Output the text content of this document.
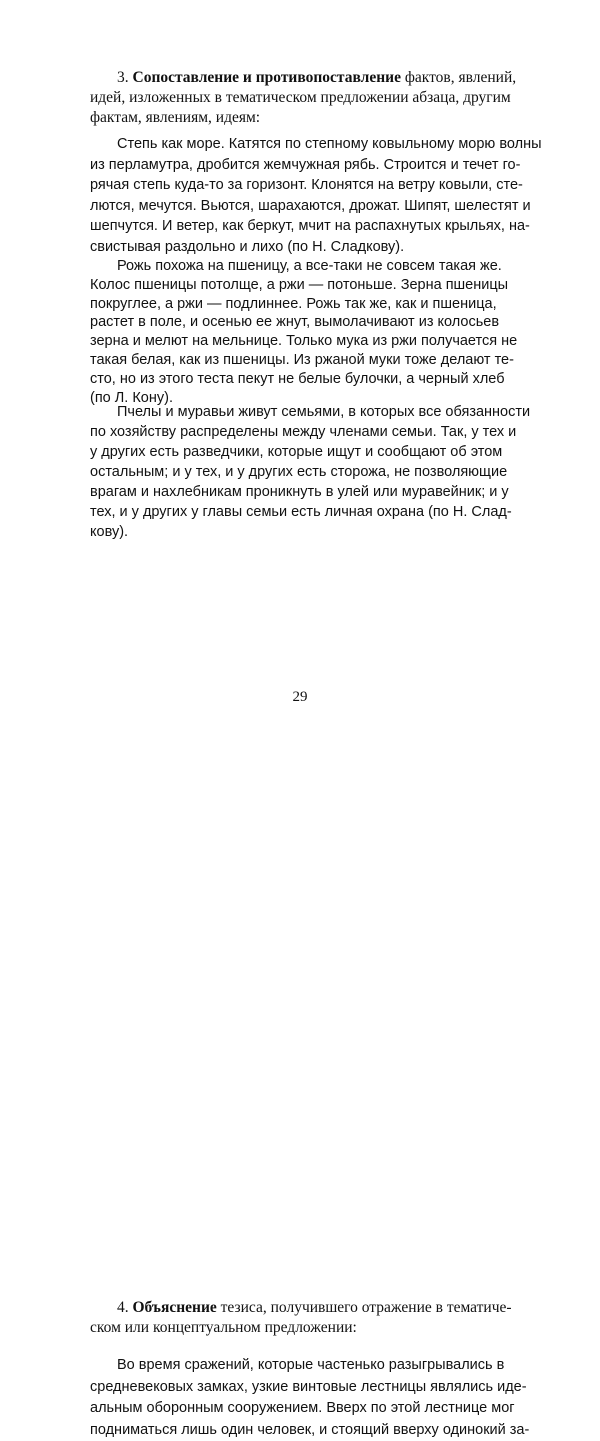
3. Сопоставление и противопоставление фактов, явлений,
идей, изложенных в тематическом предложении абзаца, другим
фактам, явлениям, идеям:
Степь как море. Катятся по степному ковыльному морю волны
из перламутра, дробится жемчужная рябь. Строится и течет го-
рячая степь куда-то за горизонт. Клонятся на ветру ковыли, сте-
лются, мечутся. Вьются, шарахаются, дрожат. Шипят, шелестят и
шепчутся. И ветер, как беркут, мчит на распахнутых крыльях, на-
свистывая раздольно и лихо (по Н. Сладкову).
Рожь похожа на пшеницу, а все-таки не совсем такая же.
Колос пшеницы потолще, а ржи — потоньше. Зерна пшеницы
покруглее, а ржи — подлиннее. Рожь так же, как и пшеница,
растет в поле, и осенью ее жнут, вымолачивают из колосьев
зерна и мелют на мельнице. Только мука из ржи получается не
такая белая, как из пшеницы. Из ржаной муки тоже делают те-
сто, но из этого теста пекут не белые булочки, а черный хлеб
(по Л. Кону).
Пчелы и муравьи живут семьями, в которых все обязанности
по хозяйству распределены между членами семьи. Так, у тех и
у других есть разведчики, которые ищут и сообщают об этом
остальным; и у тех, и у других есть сторожа, не позволяющие
врагам и нахлебникам проникнуть в улей или муравейник; и у
тех, и у других у главы семьи есть личная охрана (по Н. Слад-
кову).
29
4. Объяснение тезиса, получившего отражение в тематиче-
ском или концептуальном предложении:
Во время сражений, которые частенько разыгрывались в
средневековых замках, узкие винтовые лестницы являлись иде-
альным оборонным сооружением. Вверх по этой лестнице мог
подниматься лишь один человек, и стоящий вверху одинокий за-
